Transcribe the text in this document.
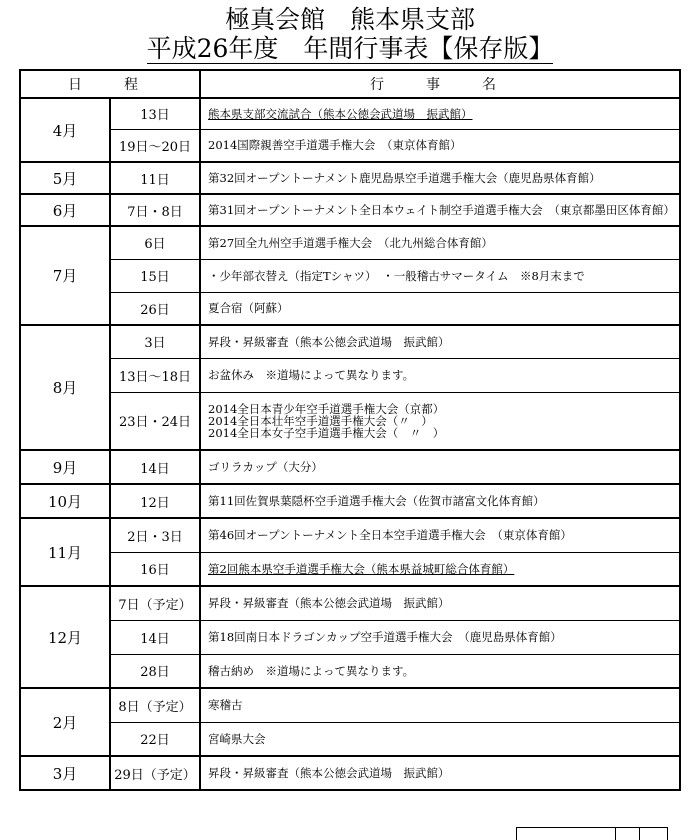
極真会館　熊本県支部
平成26年度　年間行事表【保存版】
日　程		行　事　名
4月	13日	熊本県支部交流試合（熊本公徳会武道場　振武館）

	19日～20日	2014国際親善空手道選手権大会　（東京体育館）

5月	11日	第32回オープントーナメント鹿児島県空手道選手権大会（鹿児島県体育館）

6月	7日・8日	第31回オープントーナメント全日本ウェイト制空手道選手権大会　（東京都墨田区体育館）

7月	6日	第27回全九州空手道選手権大会　（北九州総合体育館）

	15日	・少年部衣替え（指定Tシャツ）　・一般稽古サマータイム　※8月末まで

	26日	夏合宿（阿蘇）

8月	3日	昇段・昇級審査（熊本公徳会武道場　振武館）

	13日～18日	お盆休み　※道場によって異なります。

	23日・24日	2014全日本青少年空手道選手権大会（京都）
2014全日本壮年空手道選手権大会（〃　）
2014全日本女子空手道選手権大会（　〃　）

9月	14日	ゴリラカップ（大分）

10月	12日	第11回佐賀県葉隠杯空手道選手権大会（佐賀市諸富文化体育館）

11月	2日・3日	第46回オープントーナメント全日本空手道選手権大会　（東京体育館）

	16日	第2回熊本県空手道選手権大会（熊本県益城町総合体育館）

12月	7日（予定）	昇段・昇級審査（熊本公徳会武道場　振武館）

	14日	第18回南日本ドラゴンカップ空手道選手権大会　（鹿児島県体育館）

	28日	稽古納め　※道場によって異なります。

2月	8日（予定）	寒稽古

	22日	宮崎県大会

3月	29日（予定）	昇段・昇級審査（熊本公徳会武道場　振武館）
